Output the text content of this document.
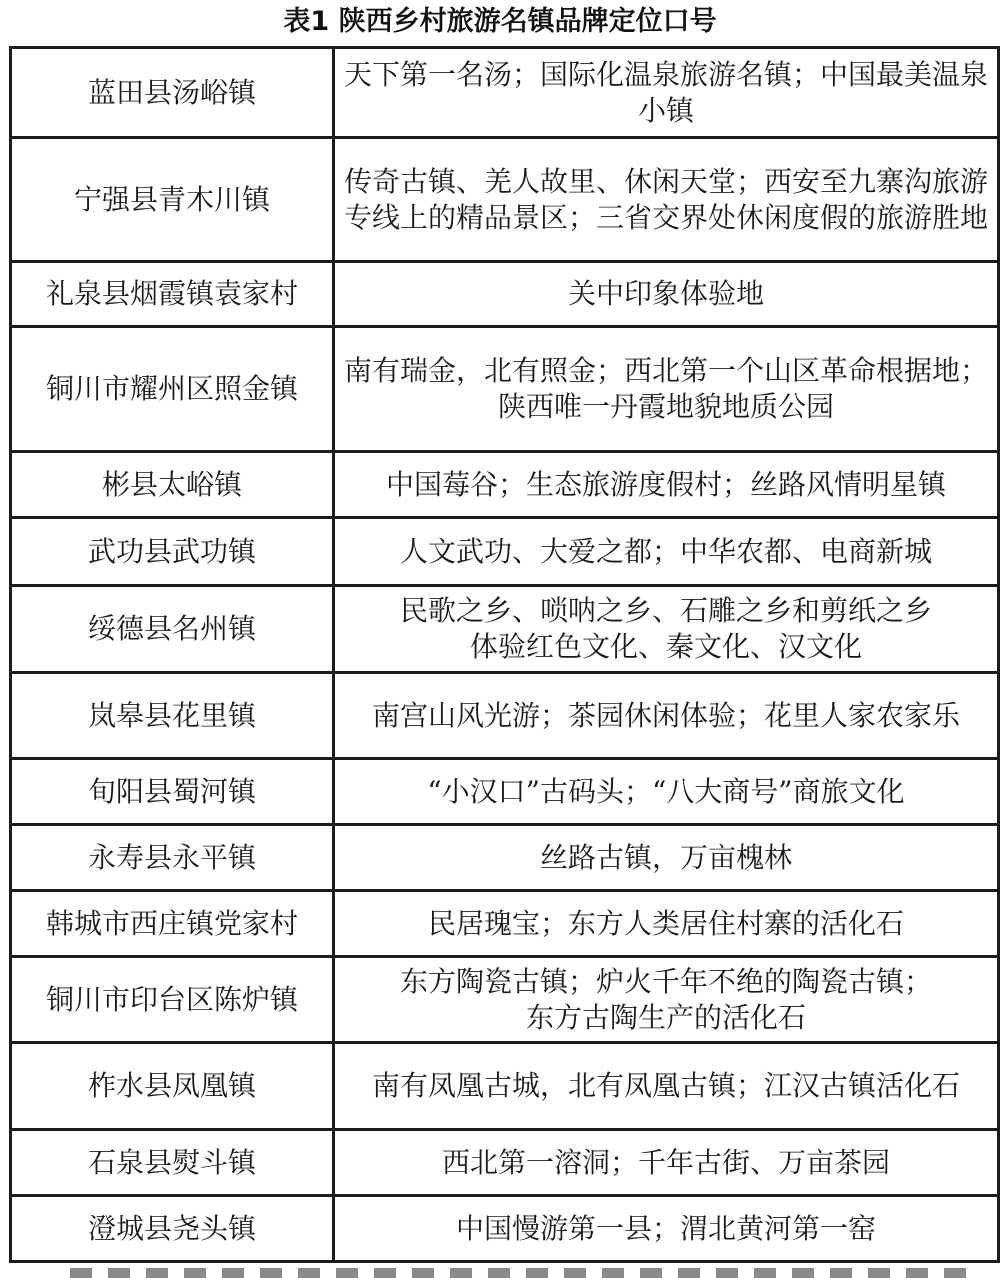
表1 陕西乡村旅游名镇品牌定位口号
蓝田县汤峪镇	天下第一名汤；国际化温泉旅游名镇；中国最美温泉小镇
宁强县青木川镇	传奇古镇、羌人故里、休闲天堂；西安至九寨沟旅游专线上的精品景区；三省交界处休闲度假的旅游胜地
礼泉县烟霞镇袁家村	关中印象体验地
铜川市耀州区照金镇	南有瑞金，北有照金；西北第一个山区革命根据地；
陕西唯一丹霞地貌地质公园
彬县太峪镇	中国莓谷；生态旅游度假村；丝路风情明星镇
武功县武功镇	人文武功、大爱之都；中华农都、电商新城
绥德县名州镇	民歌之乡、唢呐之乡、石雕之乡和剪纸之乡
体验红色文化、秦文化、汉文化
岚皋县花里镇	南宫山风光游；茶园休闲体验；花里人家农家乐
旬阳县蜀河镇	“小汉口”古码头；“八大商号”商旅文化
永寿县永平镇	丝路古镇，万亩槐林
韩城市西庄镇党家村	民居瑰宝；东方人类居住村寨的活化石
铜川市印台区陈炉镇	东方陶瓷古镇；炉火千年不绝的陶瓷古镇；
东方古陶生产的活化石
柞水县凤凰镇	南有凤凰古城，北有凤凰古镇；江汉古镇活化石
石泉县熨斗镇	西北第一溶洞；千年古街、万亩茶园
澄城县尧头镇	中国慢游第一县；渭北黄河第一窑
